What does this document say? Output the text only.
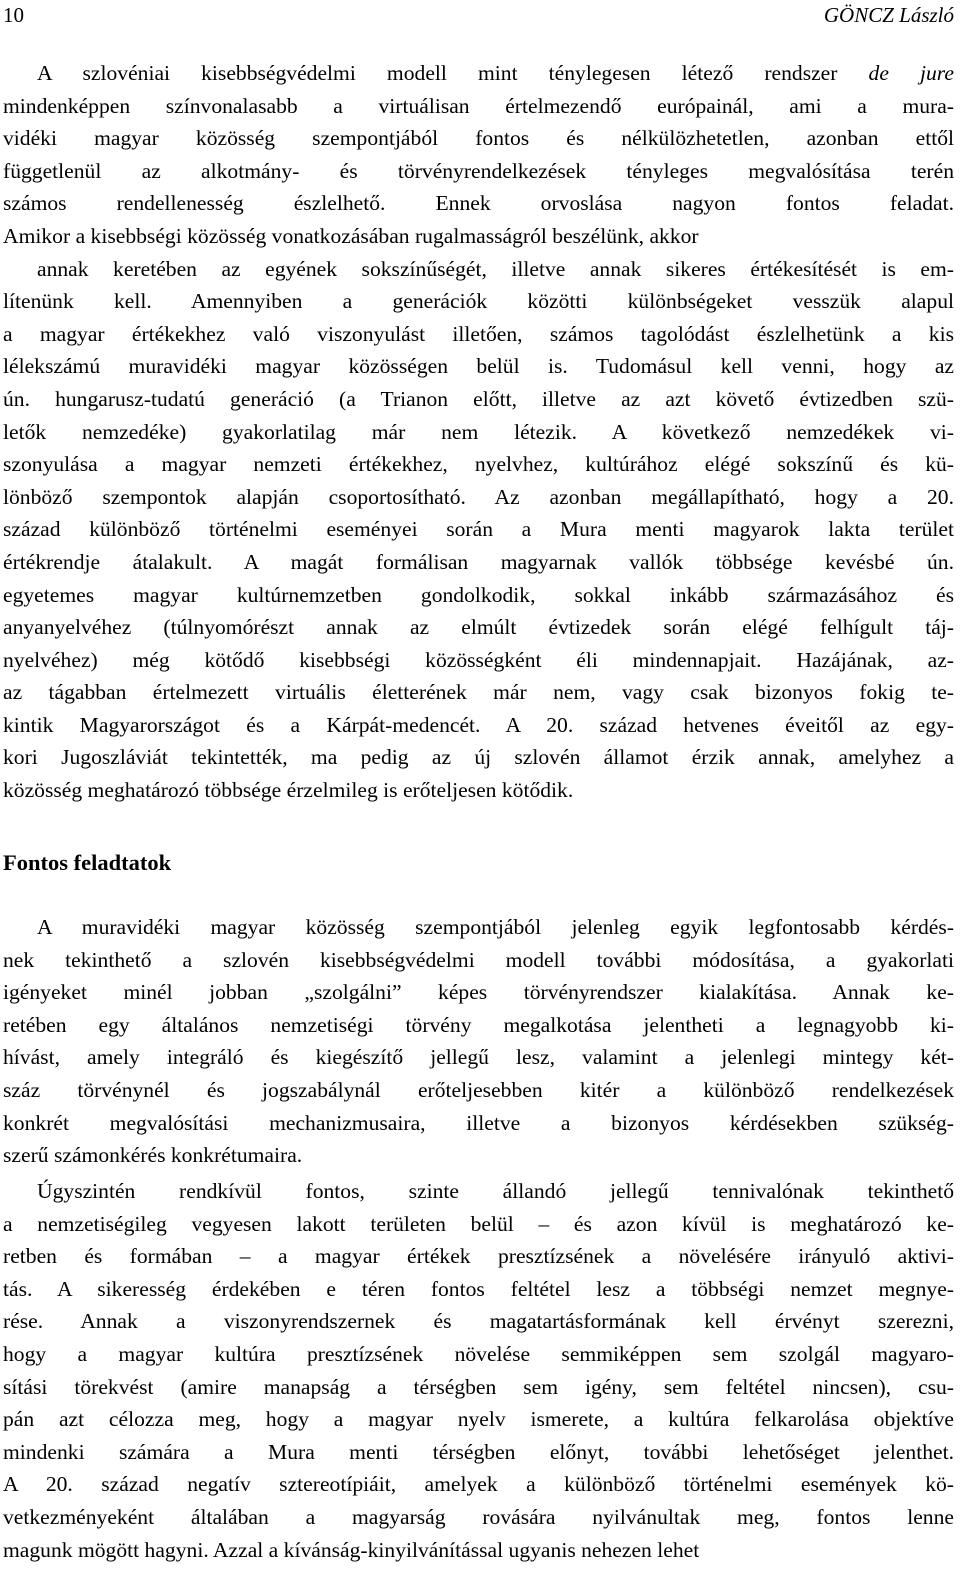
10	GÖNCZ László
A szlovéniai kisebbségvédelmi modell mint ténylegesen létező rendszer de jure
mindenképpen színvonalasabb a virtuálisan értelmezendő európainál, ami a mura-
vidéki magyar közösség szempontjából fontos és nélkülözhetetlen, azonban ettől
függetlenül az alkotmány- és törvényrendelkezések tényleges megvalósítása terén
számos rendellenesség észlelhető. Ennek orvoslása nagyon fontos feladat.
Amikor a kisebbségi közösség vonatkozásában rugalmasságról beszélünk, akkor
annak keretében az egyének sokszínűségét, illetve annak sikeres értékesítését is em-
lítenünk kell. Amennyiben a generációk közötti különbségeket vesszük alapul
a magyar értékekhez való viszonyulást illetően, számos tagolódást észlelhetünk a kis
lélekszámú muravidéki magyar közösségen belül is. Tudomásul kell venni, hogy az
ún. hungarusz-tudatú generáció (a Trianon előtt, illetve az azt követő évtizedben szü-
letők nemzedéke) gyakorlatilag már nem létezik. A következő nemzedékek vi-
szonyulása a magyar nemzeti értékekhez, nyelvhez, kultúrához elégé sokszínű és kü-
lönböző szempontok alapján csoportosítható. Az azonban megállapítható, hogy a 20.
század különböző történelmi eseményei során a Mura menti magyarok lakta terület
értékrendje átalakult. A magát formálisan magyarnak vallók többsége kevésbé ún.
egyetemes magyar kultúrnemzetben gondolkodik, sokkal inkább származásához és
anyanyelvéhez (túlnyomórészt annak az elmúlt évtizedek során elégé felhígult táj-
nyelvéhez) még kötődő kisebbségi közösségként éli mindennapjait. Hazájának, az-
az tágabban értelmezett virtuális életterének már nem, vagy csak bizonyos fokig te-
kintik Magyarországot és a Kárpát-medencét. A 20. század hetvenes éveitől az egy-
kori Jugoszláviát tekintették, ma pedig az új szlovén államot érzik annak, amelyhez a
közösség meghatározó többsége érzelmileg is erőteljesen kötődik.
Fontos feladtatok
A muravidéki magyar közösség szempontjából jelenleg egyik legfontosabb kérdés-
nek tekinthető a szlovén kisebbségvédelmi modell további módosítása, a gyakorlati
igényeket minél jobban „szolgálni” képes törvényrendszer kialakítása. Annak ke-
retében egy általános nemzetiségi törvény megalkotása jelentheti a legnagyobb ki-
hívást, amely integráló és kiegészítő jellegű lesz, valamint a jelenlegi mintegy két-
száz törvénynél és jogszabálynál erőteljesebben kitér a különböző rendelkezések
konkrét megvalósítási mechanizmusaira, illetve a bizonyos kérdésekben szükség-
szerű számonkérés konkrétumaira.
Úgyszintén rendkívül fontos, szinte állandó jellegű tennivalónak tekinthető
a nemzetiségileg vegyesen lakott területen belül – és azon kívül is meghatározó ke-
retben és formában – a magyar értékek presztízsének a növelésére irányuló aktivi-
tás. A sikeresség érdekében e téren fontos feltétel lesz a többségi nemzet megnye-
rése. Annak a viszonyrendszernek és magatartásformának kell érvényt szerezni,
hogy a magyar kultúra presztízsének növelése semmiképpen sem szolgál magyaro-
sítási törekvést (amire manapság a térségben sem igény, sem feltétel nincsen), csu-
pán azt célozza meg, hogy a magyar nyelv ismerete, a kultúra felkarolása objektíve
mindenki számára a Mura menti térségben előnyt, további lehetőséget jelenthet.
A 20. század negatív sztereotípiáit, amelyek a különböző történelmi események kö-
vetkezményeként általában a magyarság rovására nyilvánultak meg, fontos lenne
magunk mögött hagyni. Azzal a kívánság-kinyilvánítással ugyanis nehezen lehet
